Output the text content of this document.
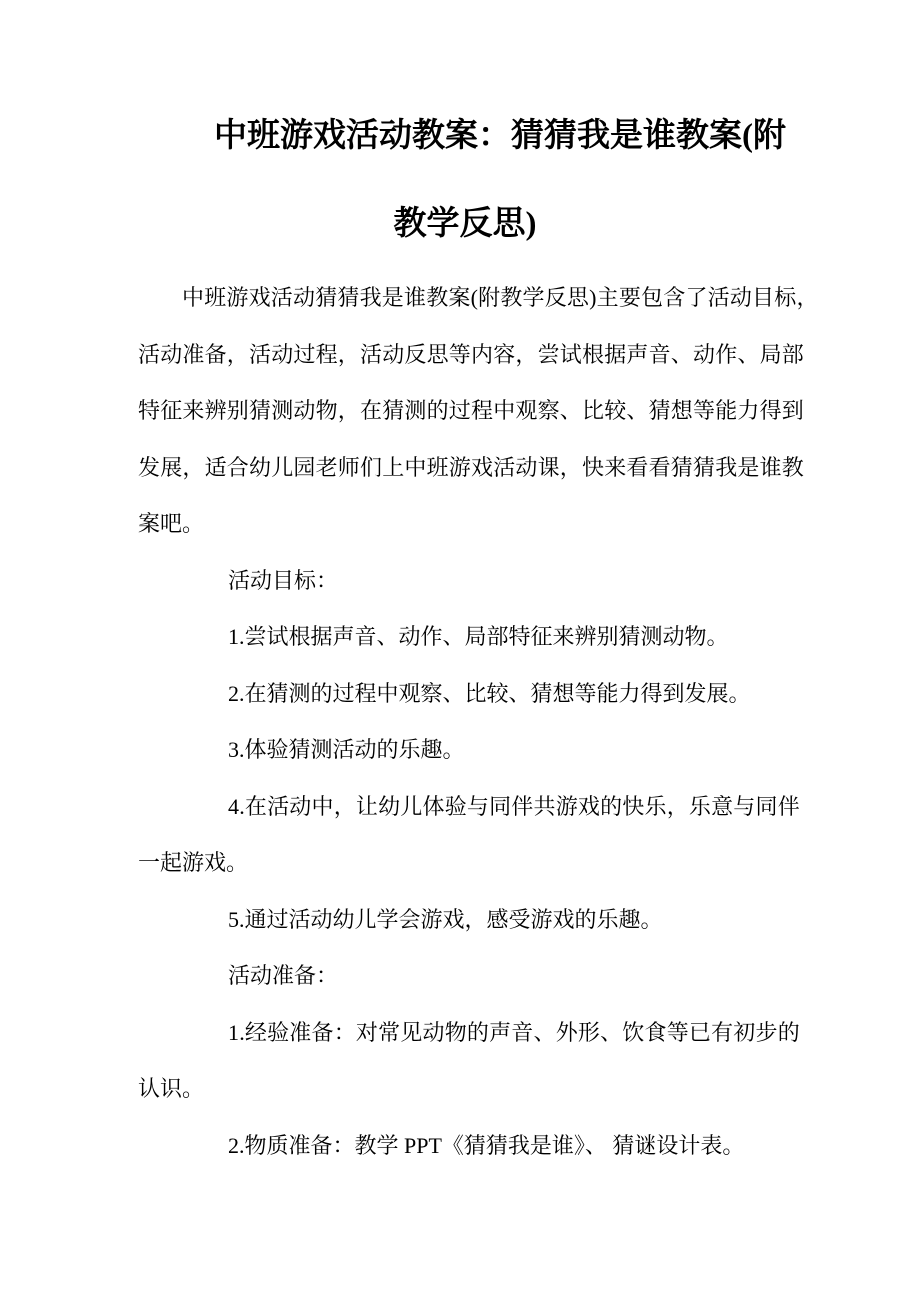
中班游戏活动教案：猜猜我是谁教案(附
教学反思)
中班游戏活动猜猜我是谁教案(附教学反思)主要包含了活动目标，
活动准备，活动过程，活动反思等内容，尝试根据声音、动作、局部
特征来辨别猜测动物，在猜测的过程中观察、比较、猜想等能力得到
发展，适合幼儿园老师们上中班游戏活动课，快来看看猜猜我是谁教
案吧。
活动目标：
1.尝试根据声音、动作、局部特征来辨别猜测动物。
2.在猜测的过程中观察、比较、猜想等能力得到发展。
3.体验猜测活动的乐趣。
4.在活动中，让幼儿体验与同伴共游戏的快乐，乐意与同伴
一起游戏。
5.通过活动幼儿学会游戏，感受游戏的乐趣。
活动准备：
1.经验准备：对常见动物的声音、外形、饮食等已有初步的
认识。
2.物质准备：教学 PPT《猜猜我是谁》、 猜谜设计表。
